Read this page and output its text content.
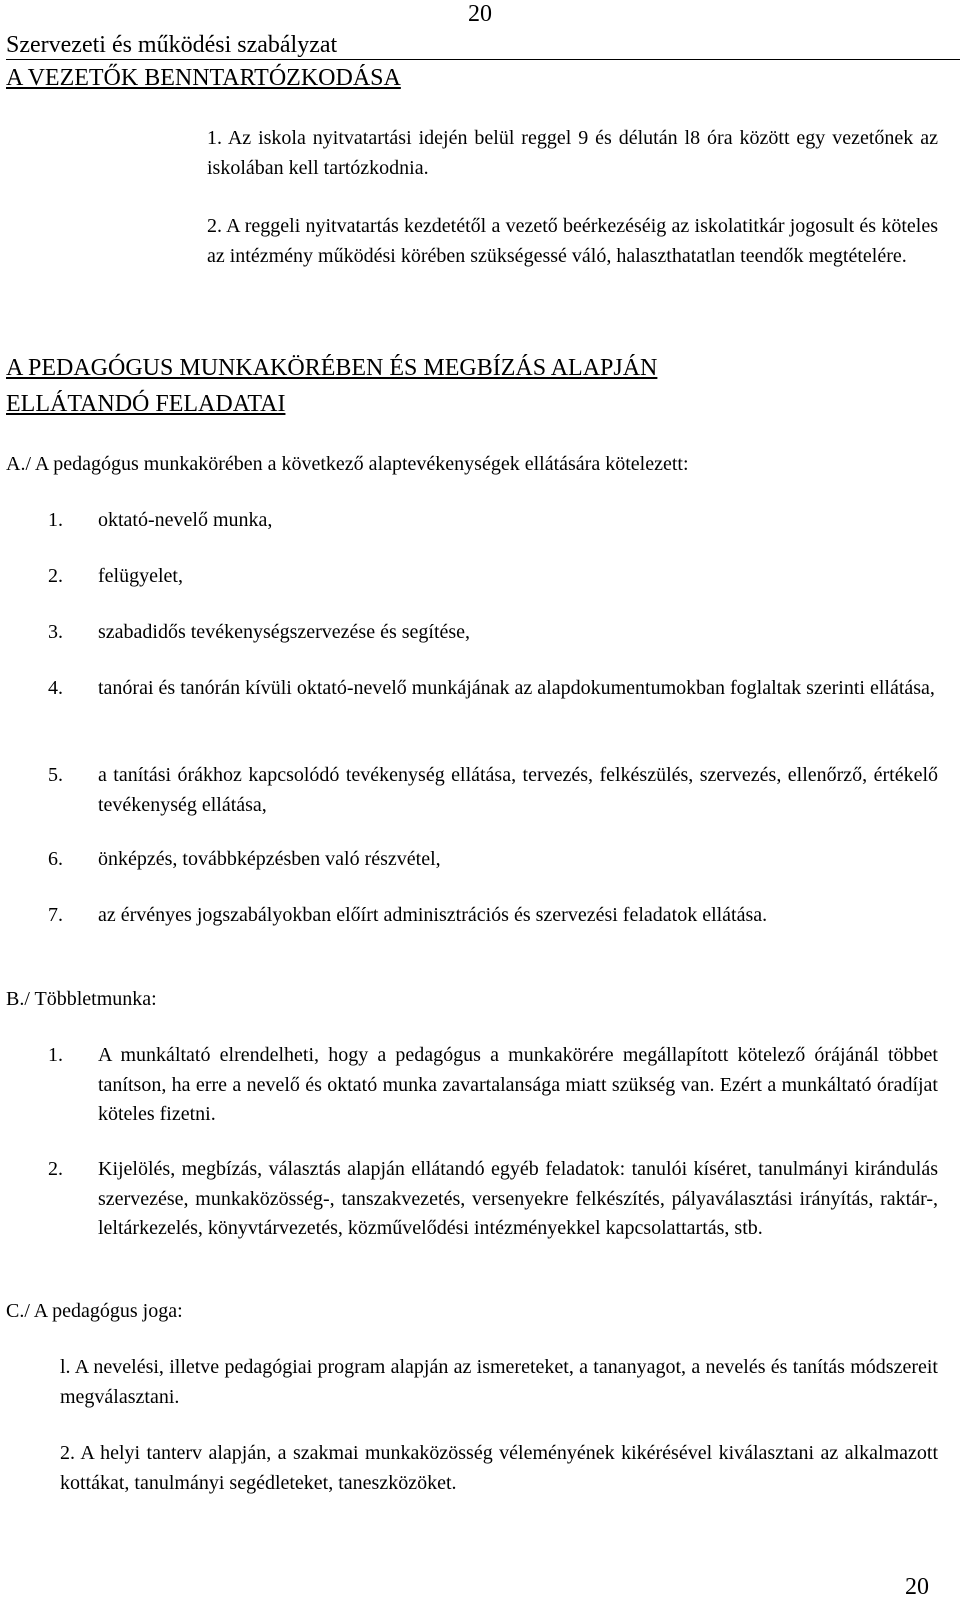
20
Szervezeti és működési szabályzat
A VEZETŐK BENNTARTÓZKODÁSA
1. Az iskola nyitvatartási idején belül reggel 9 és délután l8 óra között egy vezetőnek az iskolában kell tartózkodnia.
2. A reggeli nyitvatartás kezdetétől a vezető beérkezéséig az iskolatitkár jogosult és köteles az intézmény működési körében szükségessé váló, halaszthatatlan teendők megtételére.
A PEDAGÓGUS MUNKAKÖRÉBEN ÉS MEGBÍZÁS ALAPJÁN
ELLÁTANDÓ FELADATAI
A./ A pedagógus munkakörében a következő alaptevékenységek ellátására kötelezett:
1. oktató-nevelő munka,
2. felügyelet,
3. szabadidős tevékenységszervezése és segítése,
4. tanórai és tanórán kívüli oktató-nevelő munkájának az alapdokumentumokban foglaltak szerinti ellátása,
5. a tanítási órákhoz kapcsolódó tevékenység ellátása, tervezés, felkészülés, szervezés, ellenőrző, értékelő tevékenység ellátása,
6. önképzés, továbbképzésben való részvétel,
7. az érvényes jogszabályokban előírt adminisztrációs és szervezési feladatok ellátása.
B./ Többletmunka:
1. A munkáltató elrendelheti, hogy a pedagógus a munkakörére megállapított kötelező órájánál többet tanítson, ha erre a nevelő és oktató munka zavartalansága miatt szükség van. Ezért a munkáltató óradíjat köteles fizetni.
2. Kijelölés, megbízás, választás alapján ellátandó egyéb feladatok: tanulói kíséret, tanulmányi kirándulás szervezése, munkaközösség-, tanszakvezetés, versenyekre felkészítés, pályaválasztási irányítás, raktár-, leltárkezelés, könyvtárvezetés, közművelődési intézményekkel kapcsolattartás, stb.
C./ A pedagógus joga:
l. A nevelési, illetve pedagógiai program alapján az ismereteket, a tananyagot, a nevelés és tanítás módszereit megválasztani.
2. A helyi tanterv alapján, a szakmai munkaközösség véleményének kikérésével kiválasztani az alkalmazott kottákat, tanulmányi segédleteket, taneszközöket.
20
